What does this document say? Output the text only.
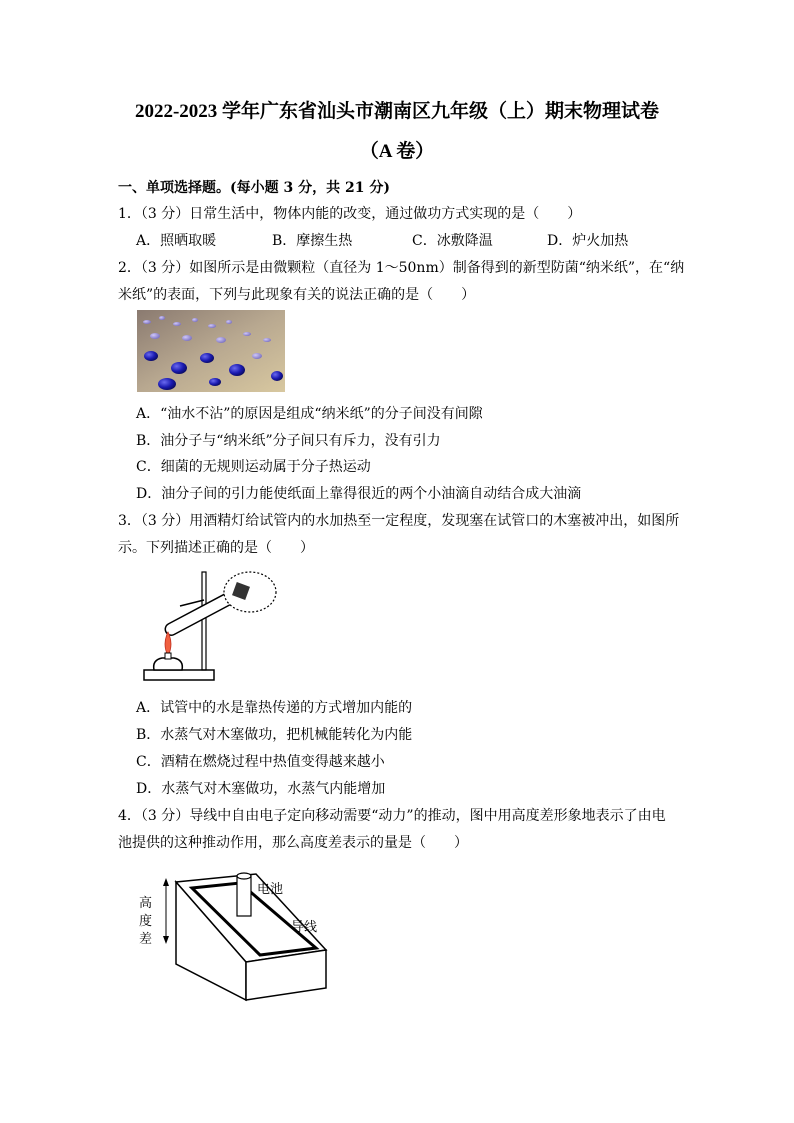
2022-2023 学年广东省汕头市潮南区九年级（上）期末物理试卷
（A 卷）
一、单项选择题。(每小题 3 分，共 21 分)
1．（3 分）日常生活中，物体内能的改变，通过做功方式实现的是（　　）
A．照晒取暖	B．摩擦生热	C．冰敷降温	D．炉火加热
2．（3 分）如图所示是由微颗粒（直径为 1～50nm）制备得到的新型防菌“纳米纸”，在“纳
米纸”的表面，下列与此现象有关的说法正确的是（　　）
A．“油水不沾”的原因是组成“纳米纸”的分子间没有间隙
B．油分子与“纳米纸”分子间只有斥力，没有引力
C．细菌的无规则运动属于分子热运动
D．油分子间的引力能使纸面上靠得很近的两个小油滴自动结合成大油滴
3．（3 分）用酒精灯给试管内的水加热至一定程度，发现塞在试管口的木塞被冲出，如图所
示。下列描述正确的是（　　）
A．试管中的水是靠热传递的方式增加内能的
B．水蒸气对木塞做功，把机械能转化为内能
C．酒精在燃烧过程中热值变得越来越小
D．水蒸气对木塞做功，水蒸气内能增加
4．（3 分）导线中自由电子定向移动需要“动力”的推动，图中用高度差形象地表示了由电
池提供的这种推动作用，那么高度差表示的量是（　　）
电池
导线
高
度
差
